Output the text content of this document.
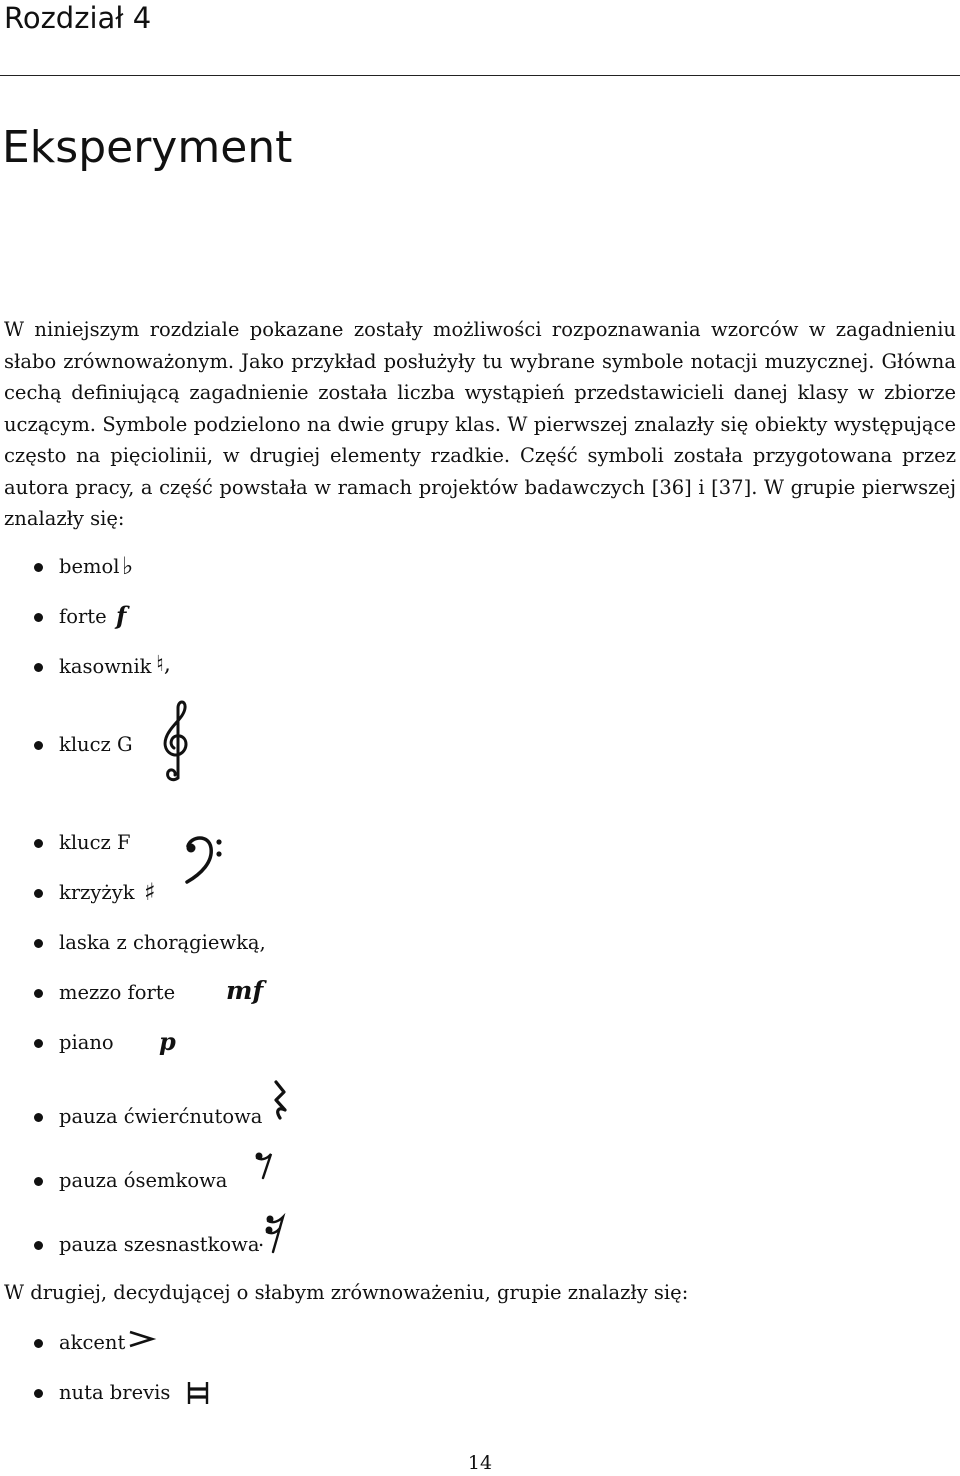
Rozdział 4
Eksperyment
W niniejszym rozdziale pokazane zostały możliwości rozpoznawania wzorców w zagadnieniu słabo zrównoważonym. Jako przykład posłużyły tu wybrane symbole notacji muzycznej. Główna cechą definiującą zagadnienie została liczba wystąpień przedstawicieli danej klasy w zbiorze uczącym. Symbole podzielono na dwie grupy klas. W pierwszej znalazły się obiekty występujące często na pięciolinii, w drugiej elementy rzadkie. Część symboli została przygotowana przez autora pracy, a część powstała w ramach projektów badawczych [36] i [37]. W grupie pierwszej znalazły się:
bemol ♭
forte f
kasownik ♮,
klucz G
klucz F
krzyżyk ♯
laska z chorągiewką,
mezzo forte mf
piano p
pauza ćwierćnutowa
pauza ósemkowa
pauza szesnastkowa
.
W drugiej, decydującej o słabym zrównoważeniu, grupie znalazły się:
akcent
nuta brevis
14
